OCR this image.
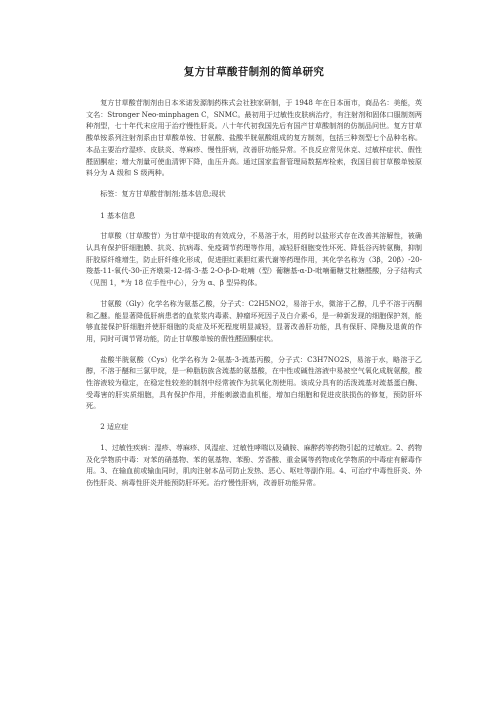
复方甘草酸苷制剂的简单研究

复方甘草酸苷制剂由日本米诺发源制药株式会社独家研制，于 1948 年在日本面市，商品名：美能，英文名：Stronger Neo-minphagen C，SNMC。最初用于过敏性皮肤病治疗，有注射剂和固体口服制剂两种剂型，七十年代末应用于治疗慢性肝炎。八十年代初我国先后有国产甘草酸制剂的仿制品问世。复方甘草酸单铵系列注射剂系由甘草酸单铵、甘氨酸、盐酸半胱氨酸组成的复方制剂，包括三种剂型七个品种名称。本品主要治疗湿疹、皮肤炎、荨麻疹、慢性肝病，改善肝功能异常。不良反应常见休克、过敏样症状、假性醛固酮症；增大剂量可使血清钾下降，血压升高。通过国家监督管理局数据库检索，我国目前甘草酸单铵原料分为 A 级和 S 级两种。

标签：复方甘草酸苷制剂;基本信息;现状

1 基本信息

甘草酸（甘草酸苷）为甘草中提取的有效成分，不易溶于水，用药时以盐形式存在改善其溶解性，被确认具有保护肝细胞膜、抗炎、抗病毒、免疫调节药理等作用，减轻肝细胞变性坏死、降低谷丙转氨酶，抑制肝胶原纤维增生，防止肝纤维化形成，促进胆红素胆红素代谢等药理作用，其化学名称为（3β，20β）-20-羧基-11-氧代-30-正齐墩果-12-烯-3-基 2-O-β-D-吡喃（型）葡糖基-α-D-吡喃葡糖艾杜糖醛酸，分子结构式（见图 1，*为 18 位手性中心），分为 α、β 型异构体。

甘氨酸（Gly）化学名称为氨基乙酸，分子式：C2H5NO2，易溶于水，微溶于乙醇，几乎不溶于丙酮和乙醚。能显著降低肝病患者的血浆浆内毒素、肿瘤坏死因子及白介素-6，是一种新发现的细胞保护剂，能够直接保护肝细胞并使肝细胞的炎症及坏死程度明显减轻，显著改善肝功能，具有保肝、降酶及退黄的作用，同时可调节肾功能，防止甘草酸单铵的假性醛固酮症状。

盐酸半胱氨酸（Cys）化学名称为 2-氨基-3-巯基丙酸，分子式：C3H7NO2S，易溶于水，略溶于乙醇，不溶于醚和三氯甲烷，是一种脂肪族含巯基的氨基酸，在中性或碱性溶液中易被空气氧化成胱氨酸，酸性溶液较为稳定，在稳定性较差的制剂中经常被作为抗氧化剂使用。该成分具有的活泼巯基对巯基蛋白酶、受毒害的肝实质细胞，具有保护作用，并能刺激造血机能，增加白细胞和促进皮肤损伤的修复，预防肝坏死。

2 适应症

1、过敏性疾病：湿疹、荨麻疹、风湿症、过敏性哮喘以及磺胺、麻醉药等药物引起的过敏症。2、药物及化学物质中毒：对苯的硝基物、苯的氨基物、苯酚、芳香酸、重金属等药物或化学物质的中毒症有解毒作用。3、在输血前或输血同时，肌肉注射本品可防止发热、恶心、呕吐等副作用。4、可治疗中毒性肝炎、外伤性肝炎、病毒性肝炎并能预防肝坏死。治疗慢性肝病，改善肝功能异常。
